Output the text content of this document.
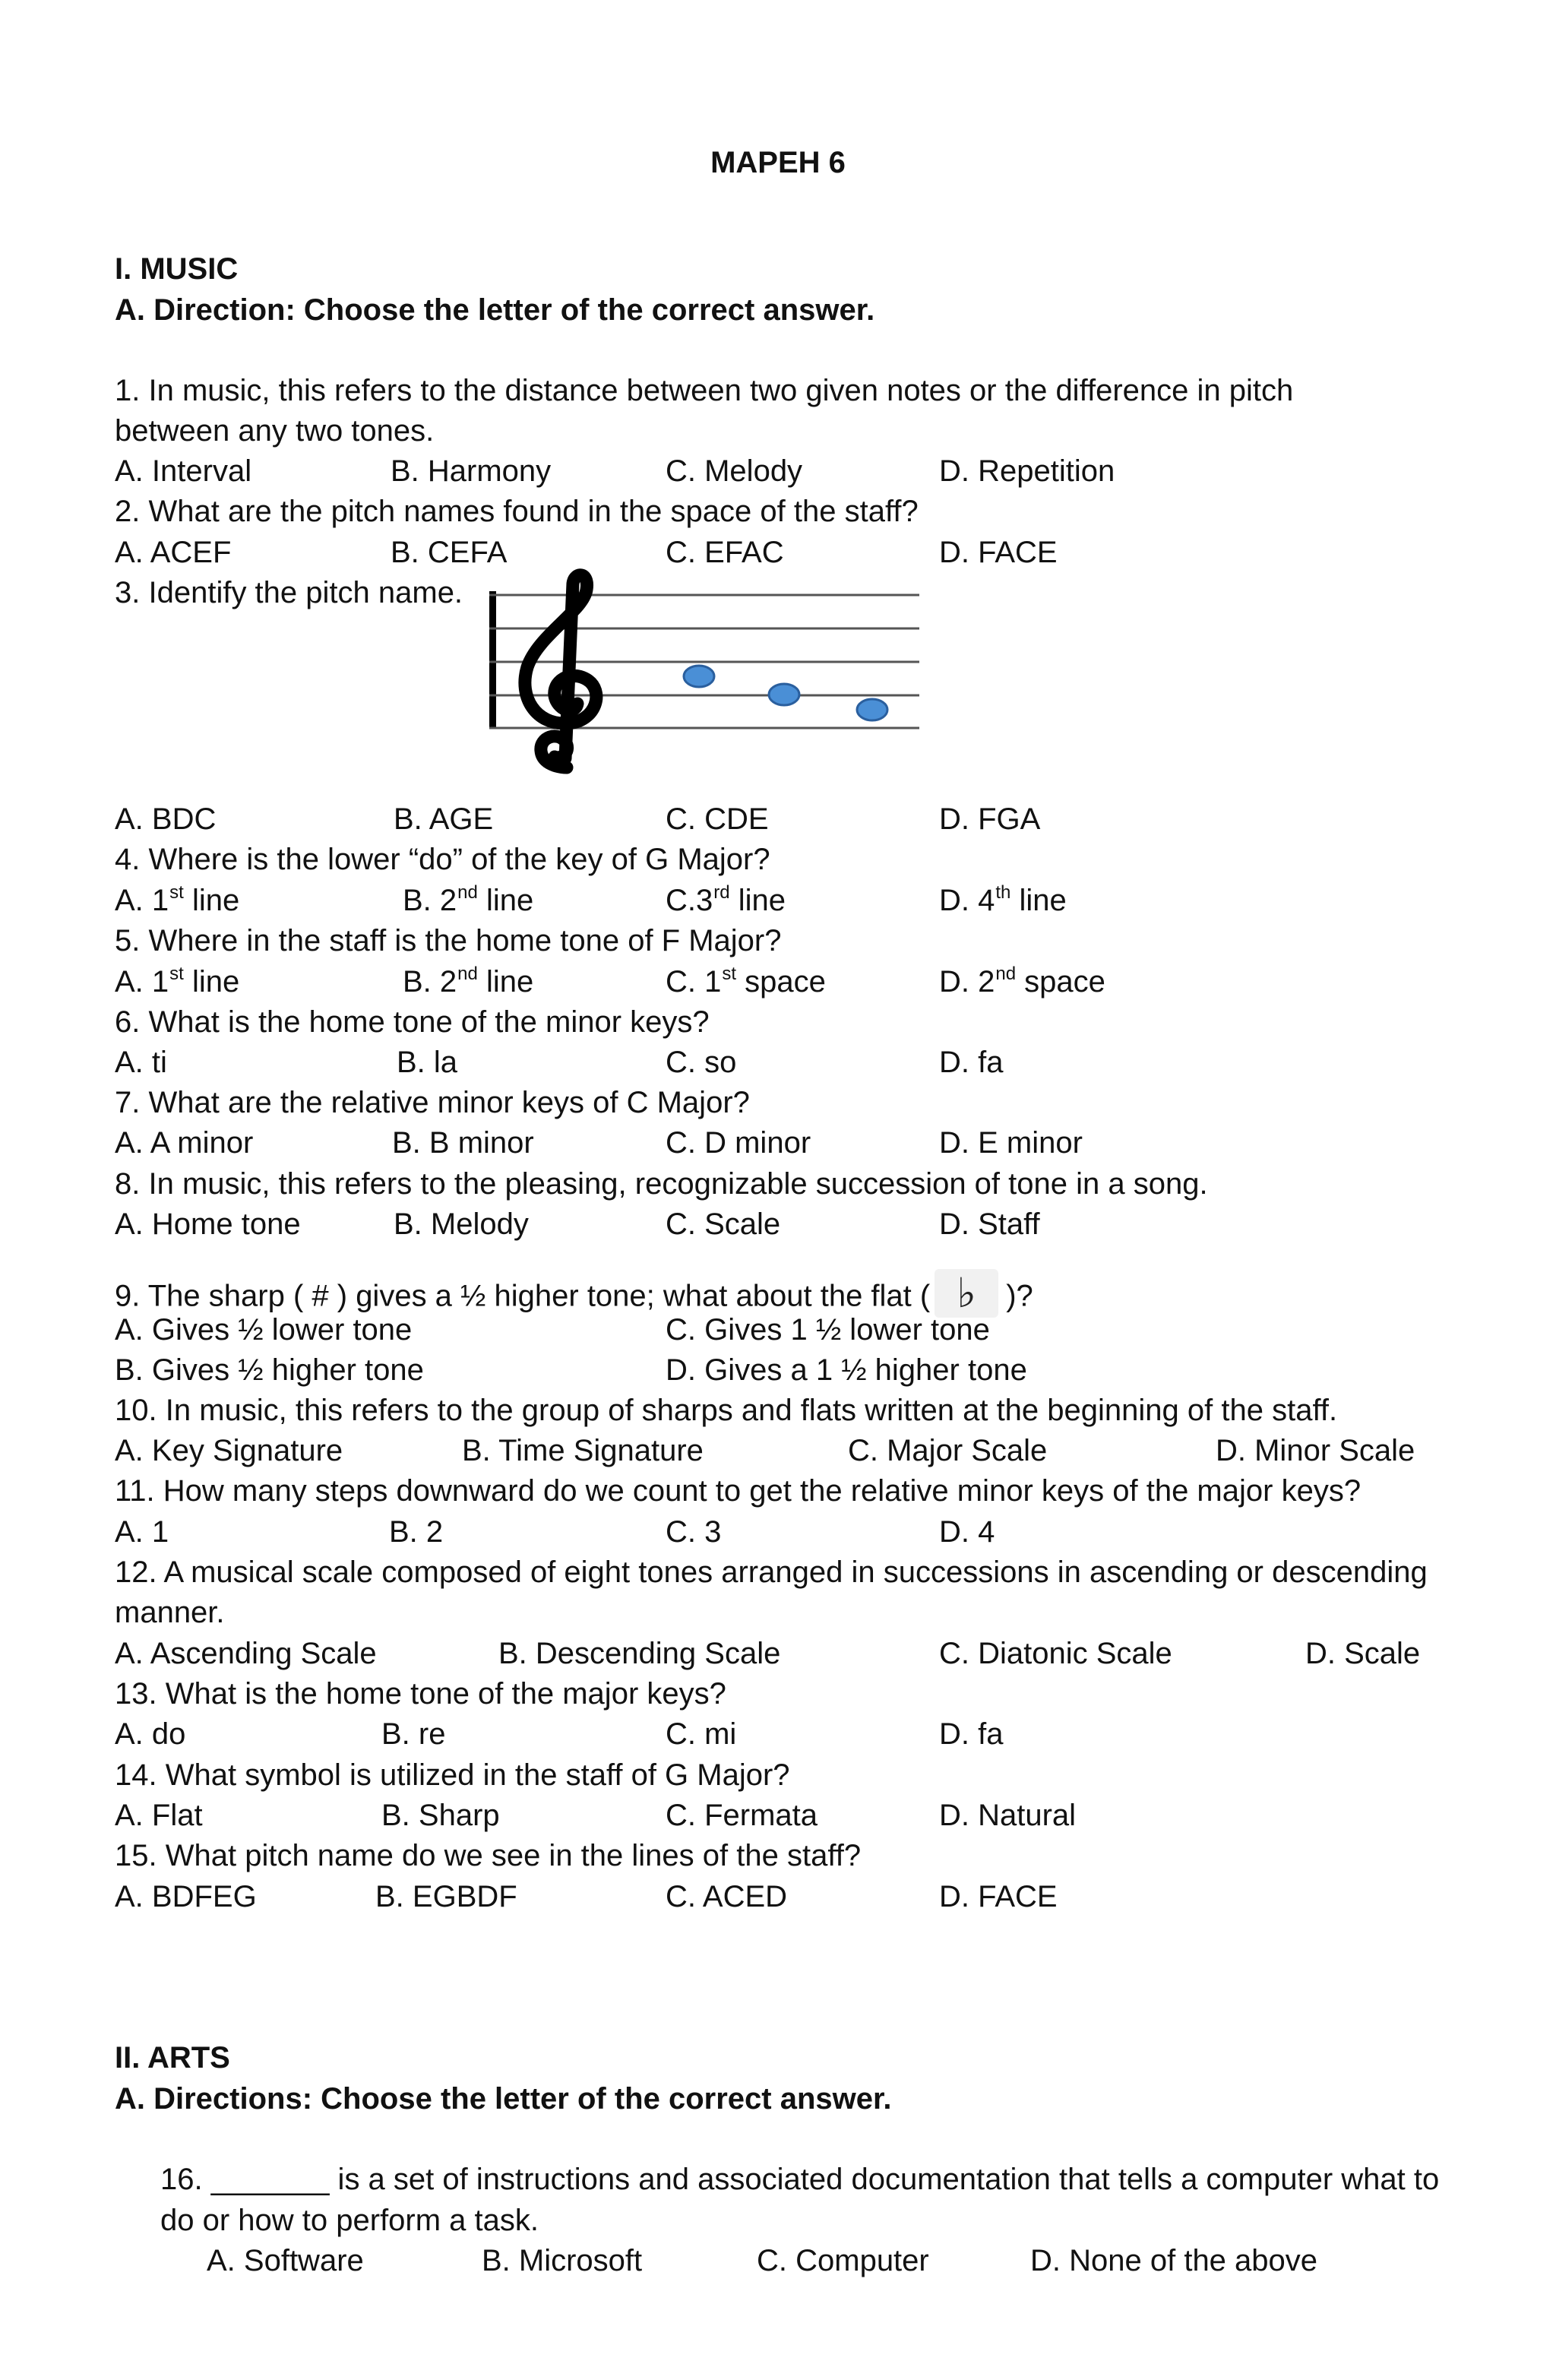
MAPEH 6
I. MUSIC
A. Direction: Choose the letter of the correct answer.
1. In music, this refers to the distance between two given notes or the difference in pitch
between any two tones.
A. Interval	B. Harmony	C. Melody	D. Repetition
2. What are the pitch names found in the space of the staff?
A. ACEF	B. CEFA	C. EFAC	D. FACE
3. Identify the pitch name.
A. BDC	B. AGE	C. CDE	D. FGA
4. Where is the lower “do” of the key of G Major?
A. 1st line	B. 2nd line	C.3rd line	D. 4th line
5. Where in the staff is the home tone of F Major?
A. 1st line	B. 2nd line	C. 1st space	D. 2nd space
6. What is the home tone of the minor keys?
A. ti	B. la	C. so	D. fa
7. What are the relative minor keys of C Major?
A. A minor	B. B minor	C. D minor	D. E minor
8. In music, this refers to the pleasing, recognizable succession of tone in a song.
A. Home tone	B. Melody	C. Scale	D. Staff
9. The sharp ( # ) gives a ½ higher tone; what about the flat ( ♭ )?
A. Gives ½ lower tone	C. Gives 1 ½ lower tone
B. Gives ½ higher tone	D. Gives a 1 ½ higher tone
10. In music, this refers to the group of sharps and flats written at the beginning of the staff.
A. Key Signature	B. Time Signature	C. Major Scale	D. Minor Scale
11. How many steps downward do we count to get the relative minor keys of the major keys?
A. 1	B. 2	C. 3	D. 4
12. A musical scale composed of eight tones arranged in successions in ascending or descending
manner.
A. Ascending Scale	B. Descending Scale	C. Diatonic Scale	D. Scale
13. What is the home tone of the major keys?
A. do	B. re	C. mi	D. fa
14. What symbol is utilized in the staff of G Major?
A. Flat	B. Sharp	C. Fermata	D. Natural
15. What pitch name do we see in the lines of the staff?
A. BDFEG	B. EGBDF	C. ACED	D. FACE
II. ARTS
A. Directions: Choose the letter of the correct answer.
16. _______ is a set of instructions and associated documentation that tells a computer what to
do or how to perform a task.
A. Software	B. Microsoft	C. Computer	D. None of the above
